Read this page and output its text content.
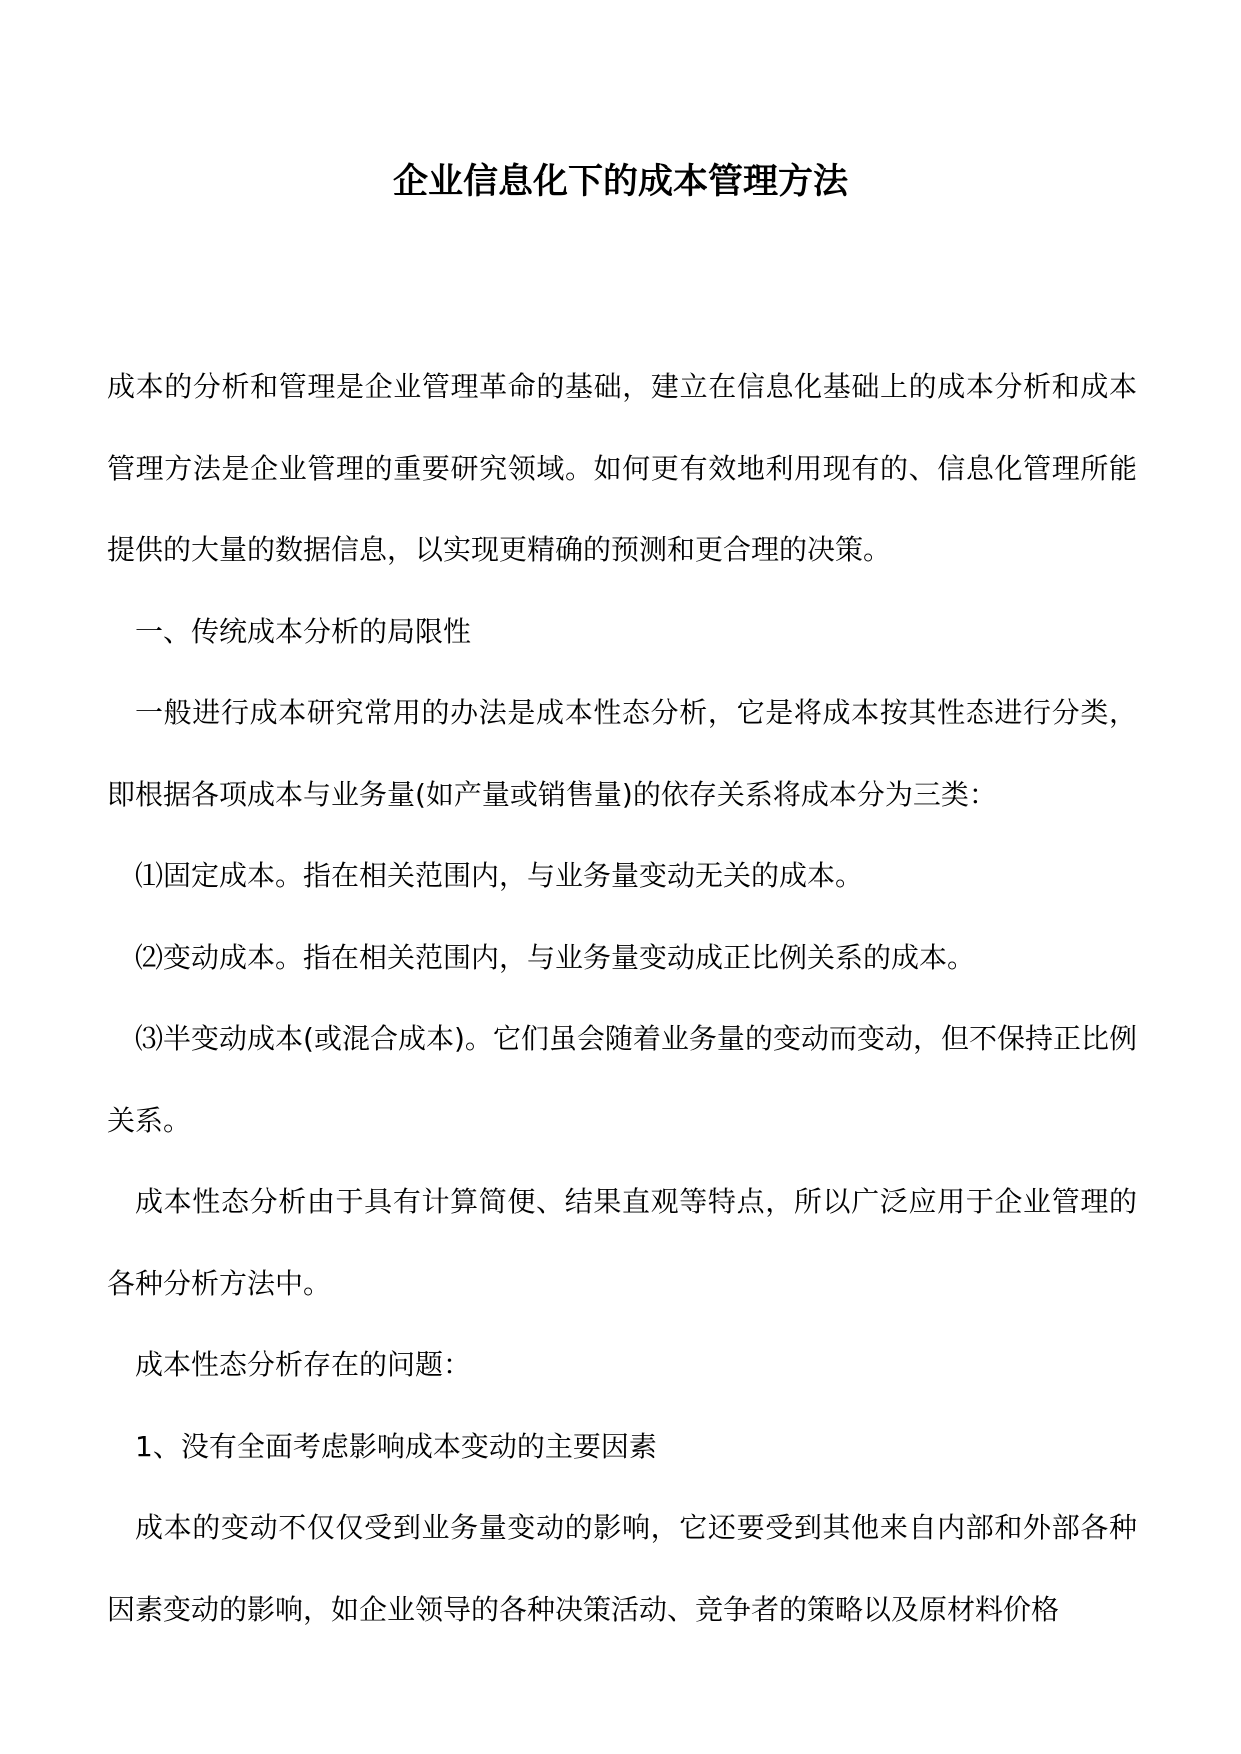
企业信息化下的成本管理方法

成本的分析和管理是企业管理革命的基础，建立在信息化基础上的成本分析和成本管理方法是企业管理的重要研究领域。如何更有效地利用现有的、信息化管理所能提供的大量的数据信息，以实现更精确的预测和更合理的决策。

一、传统成本分析的局限性

一般进行成本研究常用的办法是成本性态分析，它是将成本按其性态进行分类，即根据各项成本与业务量(如产量或销售量)的依存关系将成本分为三类：

⑴固定成本。指在相关范围内，与业务量变动无关的成本。

⑵变动成本。指在相关范围内，与业务量变动成正比例关系的成本。

⑶半变动成本(或混合成本)。它们虽会随着业务量的变动而变动，但不保持正比例关系。

成本性态分析由于具有计算简便、结果直观等特点，所以广泛应用于企业管理的各种分析方法中。

成本性态分析存在的问题：

1、没有全面考虑影响成本变动的主要因素

成本的变动不仅仅受到业务量变动的影响，它还要受到其他来自内部和外部各种因素变动的影响，如企业领导的各种决策活动、竞争者的策略以及原材料价格
